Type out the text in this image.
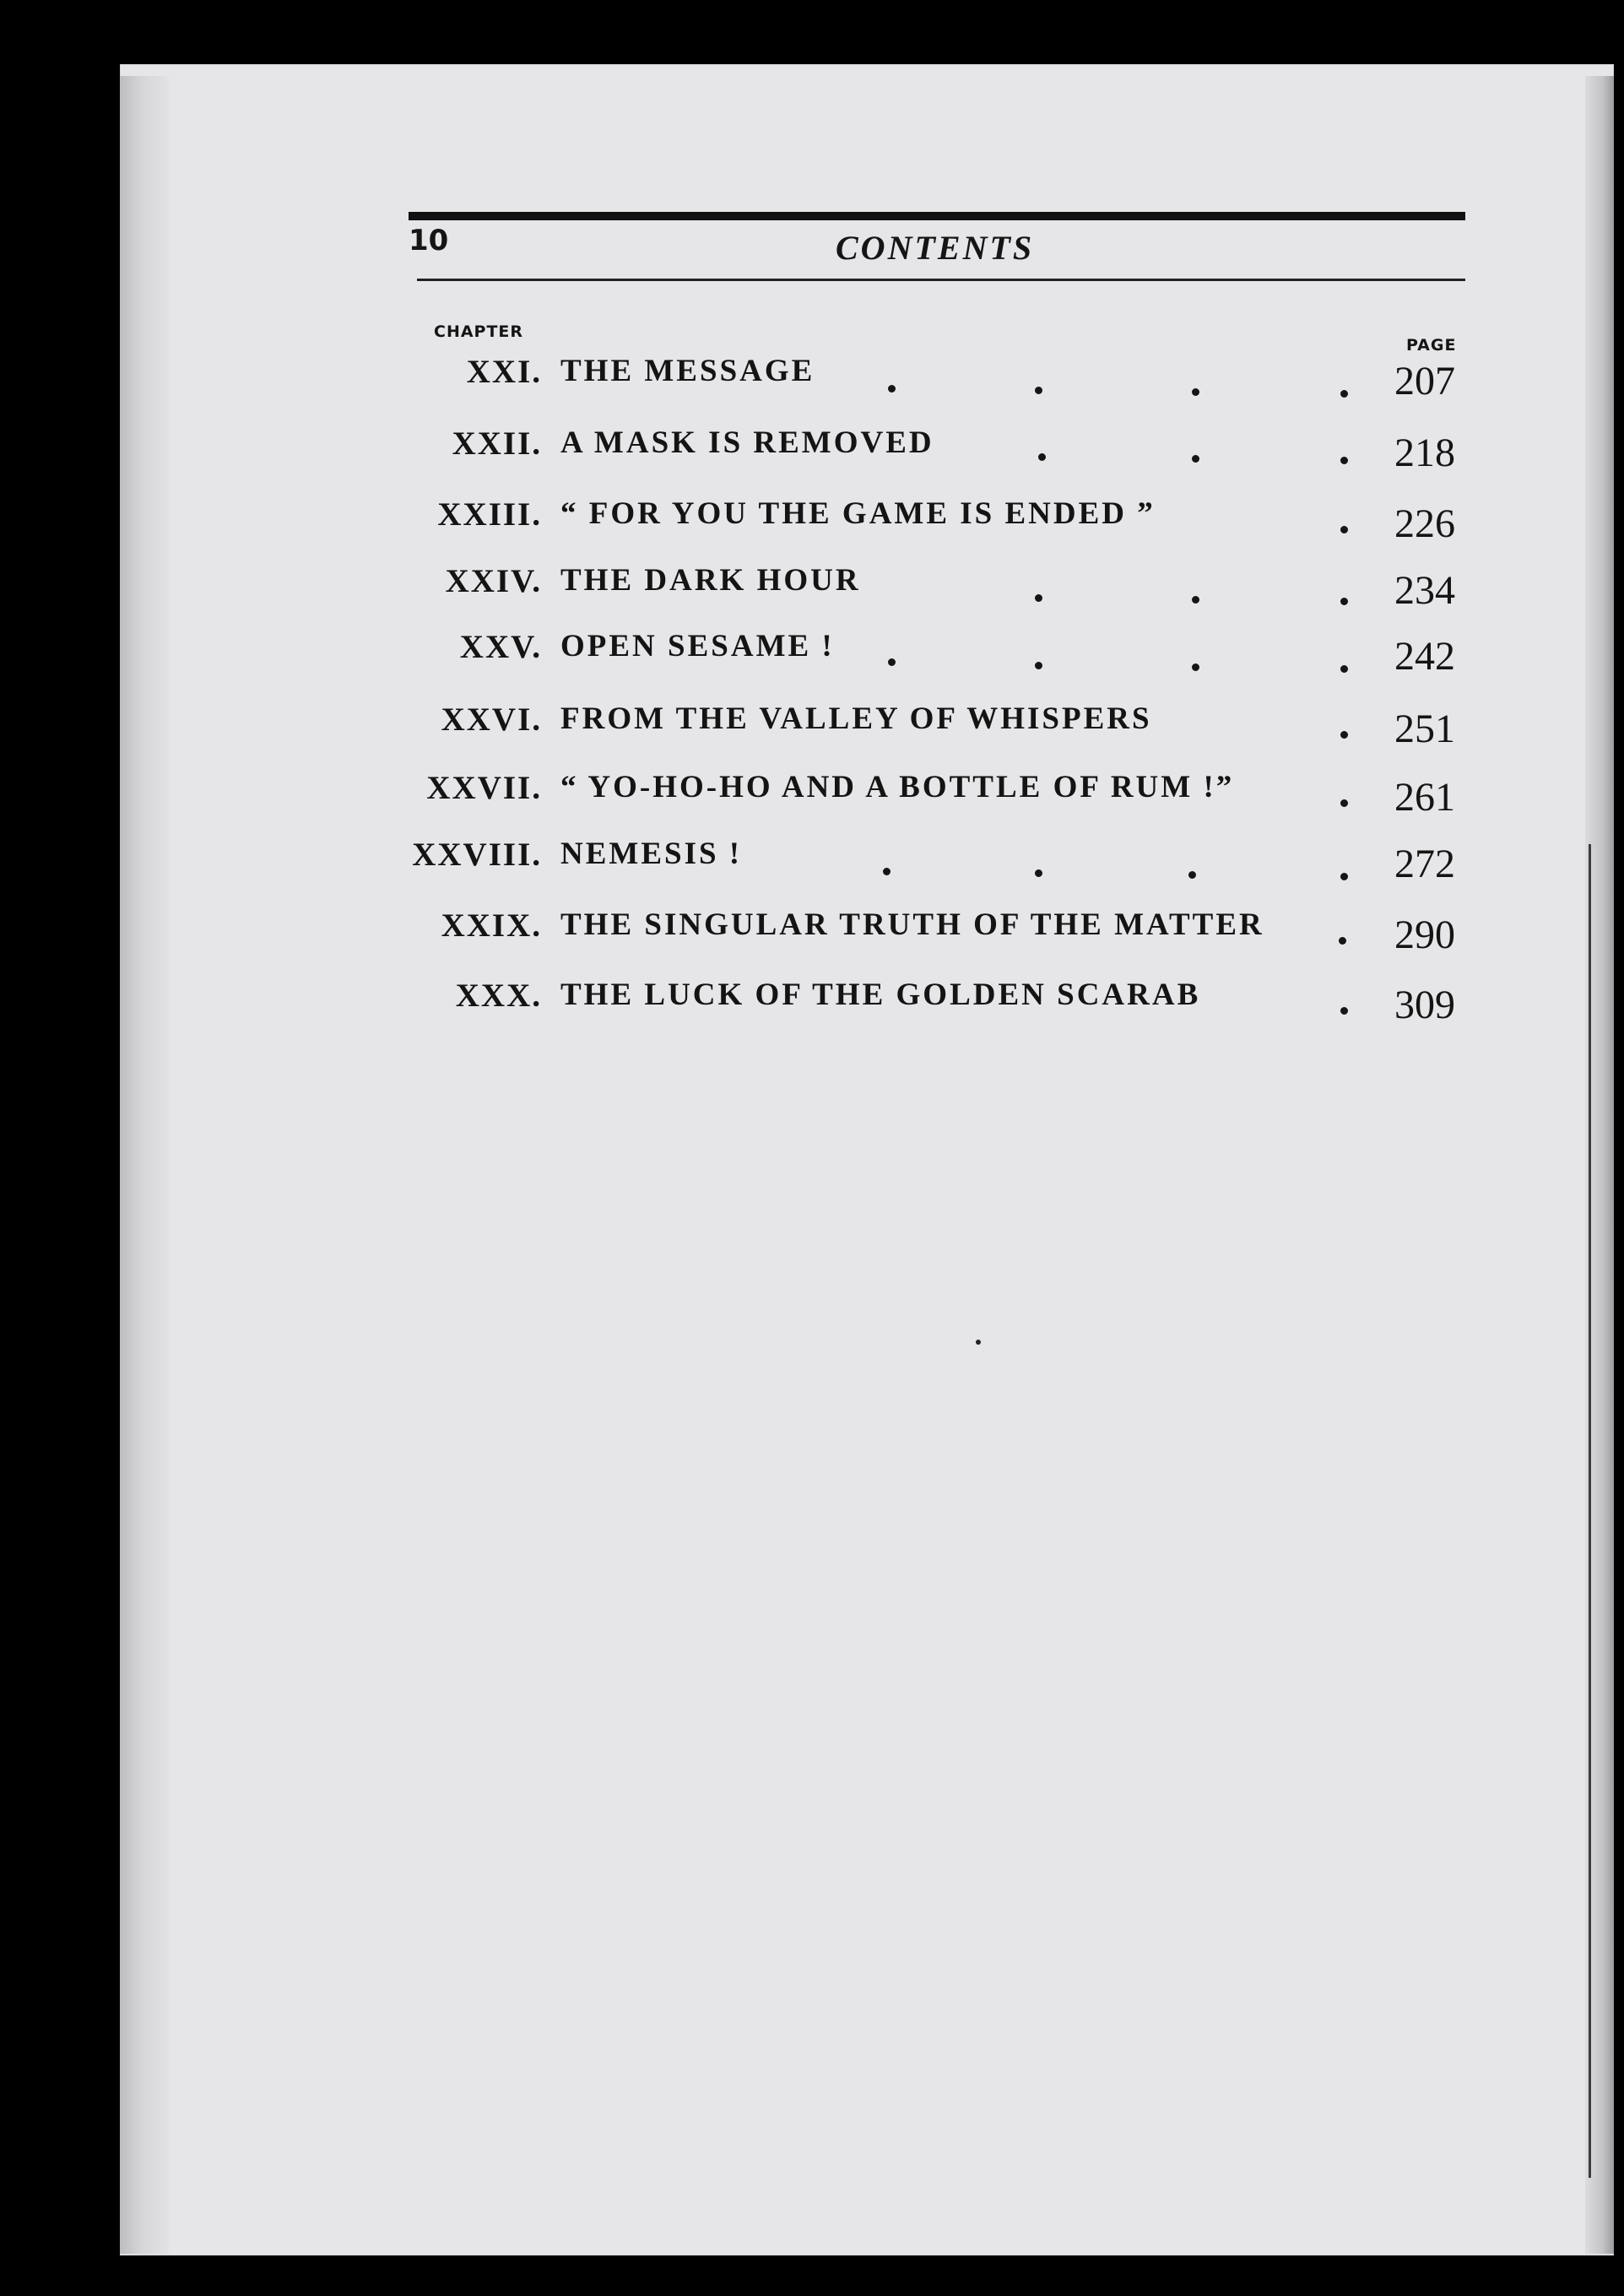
10	CONTENTS
CHAPTER
PAGE
XXI. THE MESSAGE	207
XXII. A MASK IS REMOVED	218
XXIII. “ FOR YOU THE GAME IS ENDED ”	226
XXIV. THE DARK HOUR	234
XXV. OPEN SESAME !	242
XXVI. FROM THE VALLEY OF WHISPERS	251
XXVII. “ YO-HO-HO AND A BOTTLE OF RUM !”	261
XXVIII. NEMESIS !	272
XXIX. THE SINGULAR TRUTH OF THE MATTER	290
XXX. THE LUCK OF THE GOLDEN SCARAB	309
